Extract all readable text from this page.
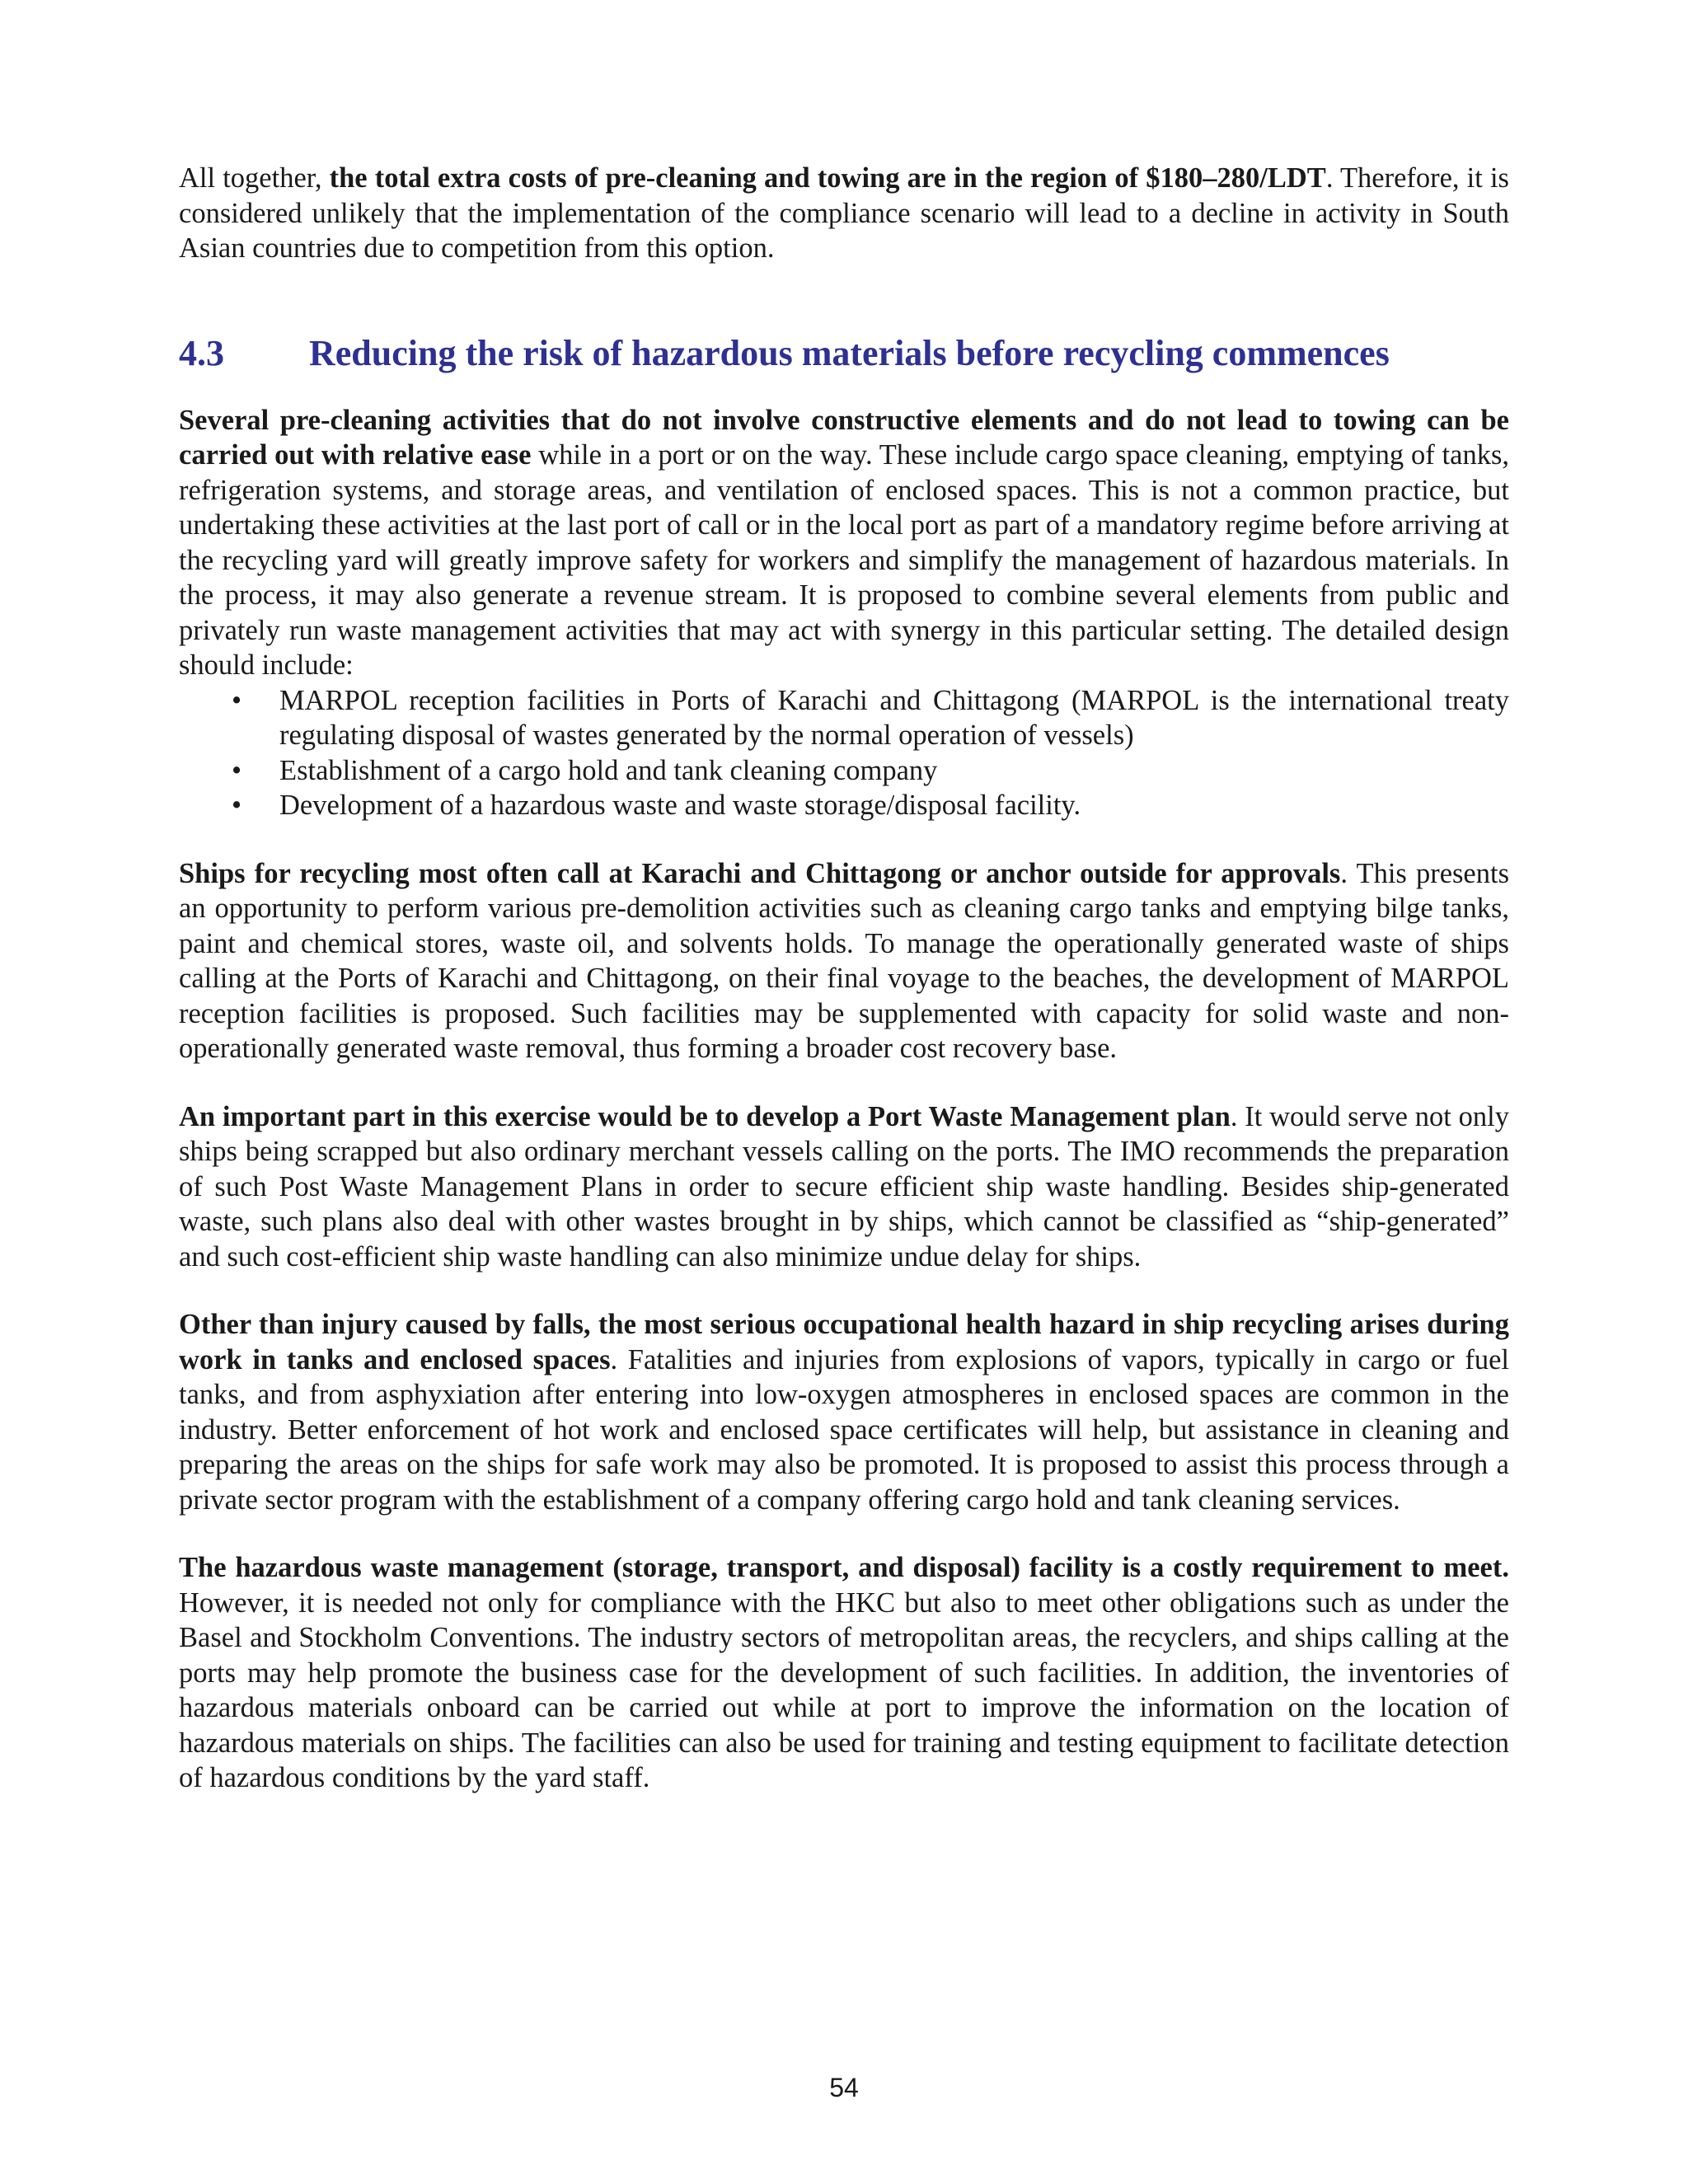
All together, the total extra costs of pre-cleaning and towing are in the region of $180–280/LDT. Therefore, it is considered unlikely that the implementation of the compliance scenario will lead to a decline in activity in South Asian countries due to competition from this option.

4.3	Reducing the risk of hazardous materials before recycling commences

Several pre-cleaning activities that do not involve constructive elements and do not lead to towing can be carried out with relative ease while in a port or on the way. These include cargo space cleaning, emptying of tanks, refrigeration systems, and storage areas, and ventilation of enclosed spaces. This is not a common practice, but undertaking these activities at the last port of call or in the local port as part of a mandatory regime before arriving at the recycling yard will greatly improve safety for workers and simplify the management of hazardous materials. In the process, it may also generate a revenue stream. It is proposed to combine several elements from public and privately run waste management activities that may act with synergy in this particular setting. The detailed design should include:

• MARPOL reception facilities in Ports of Karachi and Chittagong (MARPOL is the international treaty regulating disposal of wastes generated by the normal operation of vessels)
• Establishment of a cargo hold and tank cleaning company
• Development of a hazardous waste and waste storage/disposal facility.

Ships for recycling most often call at Karachi and Chittagong or anchor outside for approvals. This presents an opportunity to perform various pre-demolition activities such as cleaning cargo tanks and emptying bilge tanks, paint and chemical stores, waste oil, and solvents holds. To manage the operationally generated waste of ships calling at the Ports of Karachi and Chittagong, on their final voyage to the beaches, the development of MARPOL reception facilities is proposed. Such facilities may be supplemented with capacity for solid waste and non-operationally generated waste removal, thus forming a broader cost recovery base.

An important part in this exercise would be to develop a Port Waste Management plan. It would serve not only ships being scrapped but also ordinary merchant vessels calling on the ports. The IMO recommends the preparation of such Post Waste Management Plans in order to secure efficient ship waste handling. Besides ship-generated waste, such plans also deal with other wastes brought in by ships, which cannot be classified as “ship-generated” and such cost-efficient ship waste handling can also minimize undue delay for ships.

Other than injury caused by falls, the most serious occupational health hazard in ship recycling arises during work in tanks and enclosed spaces. Fatalities and injuries from explosions of vapors, typically in cargo or fuel tanks, and from asphyxiation after entering into low-oxygen atmospheres in enclosed spaces are common in the industry. Better enforcement of hot work and enclosed space certificates will help, but assistance in cleaning and preparing the areas on the ships for safe work may also be promoted. It is proposed to assist this process through a private sector program with the establishment of a company offering cargo hold and tank cleaning services.

The hazardous waste management (storage, transport, and disposal) facility is a costly requirement to meet. However, it is needed not only for compliance with the HKC but also to meet other obligations such as under the Basel and Stockholm Conventions. The industry sectors of metropolitan areas, the recyclers, and ships calling at the ports may help promote the business case for the development of such facilities. In addition, the inventories of hazardous materials onboard can be carried out while at port to improve the information on the location of hazardous materials on ships. The facilities can also be used for training and testing equipment to facilitate detection of hazardous conditions by the yard staff.

54
